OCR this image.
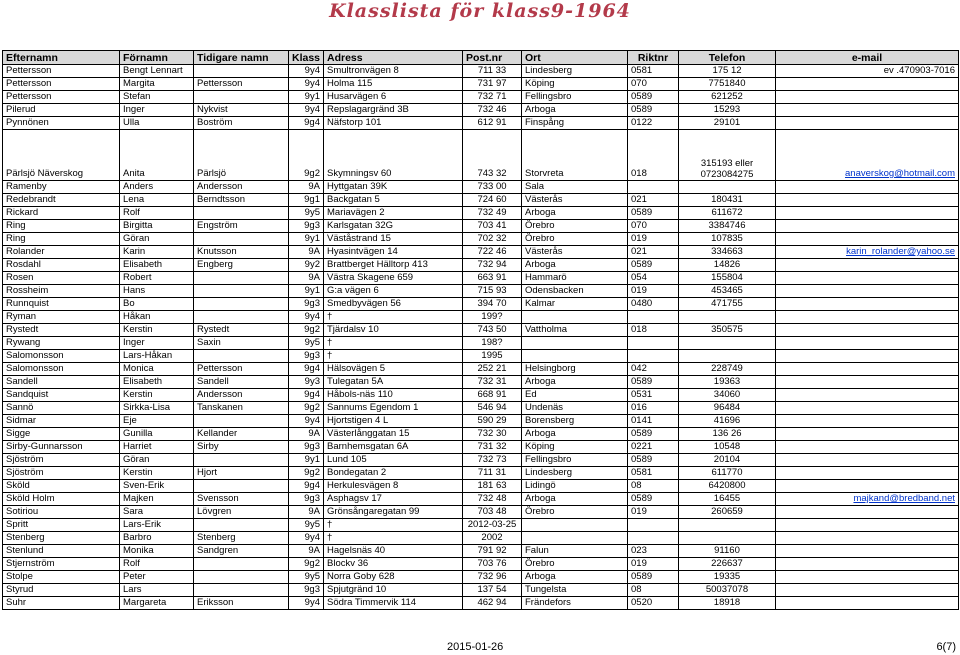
Klasslista för klass9-1964
Efternamn	Förnamn	Tidigare namn	Klass	Adress	Post.nr	Ort	Riktnr	Telefon	e-mail
Pettersson	Bengt Lennart		9y4	Smultronvägen 8	711 33	Lindesberg	0581	175 12	ev .470903-7016
Pettersson	Margita	Pettersson	9y4	Holma 115	731 97	Köping	070	7751840	
Pettersson	Stefan		9y1	Husarvägen 6	732 71	Fellingsbro	0589	621252	
Pilerud	Inger	Nykvist	9y4	Repslagargränd 3B	732 46	Arboga	0589	15293	
Pynnönen	Ulla	Boström	9g4	Näfstorp 101	612 91	Finspång	0122	29101	
Pärlsjö Näverskog	Anita	Pärlsjö	9g2	Skymningsv 60	743 32	Storvreta	018	315193 eller 0723084275	anaverskog@hotmail.com
Ramenby	Anders	Andersson	9A	Hyttgatan 39K	733 00	Sala			
Redebrandt	Lena	Berndtsson	9g1	Backgatan 5	724 60	Västerås	021	180431	
Rickard	Rolf		9y5	Mariavägen 2	732 49	Arboga	0589	611672	
Ring	Birgitta	Engström	9g3	Karlsgatan 32G	703 41	Örebro	070	3384746	
Ring	Göran		9y1	Väståstrand 15	702 32	Örebro	019	107835	
Rolander	Karin	Knutsson	9A	Hyasintvägen 14	722 46	Västerås	021	334663	karin_rolander@yahoo.se
Rosdahl	Elisabeth	Engberg	9y2	Brattberget Hälltorp 413	732 94	Arboga	0589	14826	
Rosen	Robert		9A	Västra Skagene 659	663 91	Hammarö	054	155804	
Rossheim	Hans		9y1	G:a vägen 6	715 93	Odensbacken	019	453465	
Runnquist	Bo		9g3	Smedbyvägen 56	394 70	Kalmar	0480	471755	
Ryman	Håkan		9y4	†	199?				
Rystedt	Kerstin	Rystedt	9g2	Tjärdalsv 10	743 50	Vattholma	018	350575	
Rywang	Inger	Saxin	9y5	†	198?				
Salomonsson	Lars-Håkan		9g3	†	1995				
Salomonsson	Monica	Pettersson	9g4	Hälsovägen 5	252 21	Helsingborg	042	228749	
Sandell	Elisabeth	Sandell	9y3	Tulegatan 5A	732 31	Arboga	0589	19363	
Sandquist	Kerstin	Andersson	9g4	Håbols-näs 110	668 91	Ed	0531	34060	
Sannö	Sirkka-Lisa	Tanskanen	9g2	Sannums Egendom 1	546 94	Undenäs	016	96484	
Sidmar	Eje		9y4	Hjortstigen 4 L	590 29	Borensberg	0141	41696	
Sigge	Gunilla	Kellander	9A	Västerlånggatan 15	732 30	Arboga	0589	136 26	
Sirby-Gunnarsson	Harriet	Sirby	9g3	Barnhemsgatan 6A	731 32	Köping	0221	10548	
Sjöström	Göran		9y1	Lund 105	732 73	Fellingsbro	0589	20104	
Sjöström	Kerstin	Hjort	9g2	Bondegatan 2	711 31	Lindesberg	0581	611770	
Sköld	Sven-Erik		9g4	Herkulesvägen 8	181 63	Lidingö	08	6420800	
Sköld Holm	Majken	Svensson	9g3	Asphagsv 17	732 48	Arboga	0589	16455	majkand@bredband.net
Sotiriou	Sara	Lövgren	9A	Grönsångaregatan 99	703 48	Örebro	019	260659	
Spritt	Lars-Erik		9y5	†	2012-03-25				
Stenberg	Barbro	Stenberg	9y4	†	2002				
Stenlund	Monika	Sandgren	9A	Hagelsnäs 40	791 92	Falun	023	91160	
Stjernström	Rolf		9g2	Blockv 36	703 76	Örebro	019	226637	
Stolpe	Peter		9y5	Norra Goby 628	732 96	Arboga	0589	19335	
Styrud	Lars		9g3	Spjutgränd 10	137 54	Tungelsta	08	50037078	
Suhr	Margareta	Eriksson	9y4	Södra Timmervik 114	462 94	Frändefors	0520	18918	
2015-01-26	6(7)
